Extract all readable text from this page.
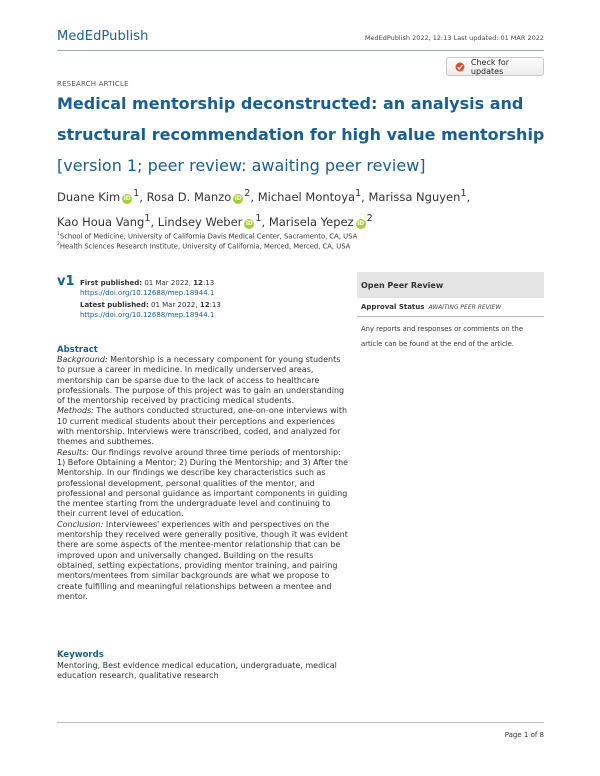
MedEdPublish	MedEdPublish 2022, 12:13 Last updated: 01 MAR 2022
Check for updates
RESEARCH ARTICLE
Medical mentorship deconstructed: an analysis and structural recommendation for high value mentorship [version 1; peer review: awaiting peer review]
Duane Kim iD $^1$, Rosa D. Manzo iD $^2$, Michael Montoya$^1$, Marissa Nguyen$^1$,
Kao Houa Vang$^1$, Lindsey Weber iD $^1$, Marisela Yepez iD $^2$
$^1$School of Medicine, University of California Davis Medical Center, Sacramento, CA, USA
$^2$Health Sciences Research Institute, University of California, Merced, Merced, CA, USA
v1 First published: 01 Mar 2022, 12:13
https://doi.org/10.12688/mep.18944.1
Latest published: 01 Mar 2022, 12:13
https://doi.org/10.12688/mep.18944.1
Open Peer Review
Approval Status AWAITING PEER REVIEW
Any reports and responses or comments on the article can be found at the end of the article.
Abstract

Background: Mentorship is a necessary component for young students to pursue a career in medicine. In medically underserved areas, mentorship can be sparse due to the lack of access to healthcare professionals. The purpose of this project was to gain an understanding of the mentorship received by practicing medical students.

Methods: The authors conducted structured, one-on-one interviews with 10 current medical students about their perceptions and experiences with mentorship. Interviews were transcribed, coded, and analyzed for themes and subthemes.

Results: Our findings revolve around three time periods of mentorship: 1) Before Obtaining a Mentor; 2) During the Mentorship; and 3) After the Mentorship. In our findings we describe key characteristics such as professional development, personal qualities of the mentor, and professional and personal guidance as important components in guiding the mentee starting from the undergraduate level and continuing to their current level of education.

Conclusion: Interviewees' experiences with and perspectives on the mentorship they received were generally positive, though it was evident there are some aspects of the mentee-mentor relationship that can be improved upon and universally changed. Building on the results obtained, setting expectations, providing mentor training, and pairing mentors/mentees from similar backgrounds are what we propose to create fulfilling and meaningful relationships between a mentee and mentor.

Keywords
Mentoring, Best evidence medical education, undergraduate, medical education research, qualitative research
Page 1 of 8
